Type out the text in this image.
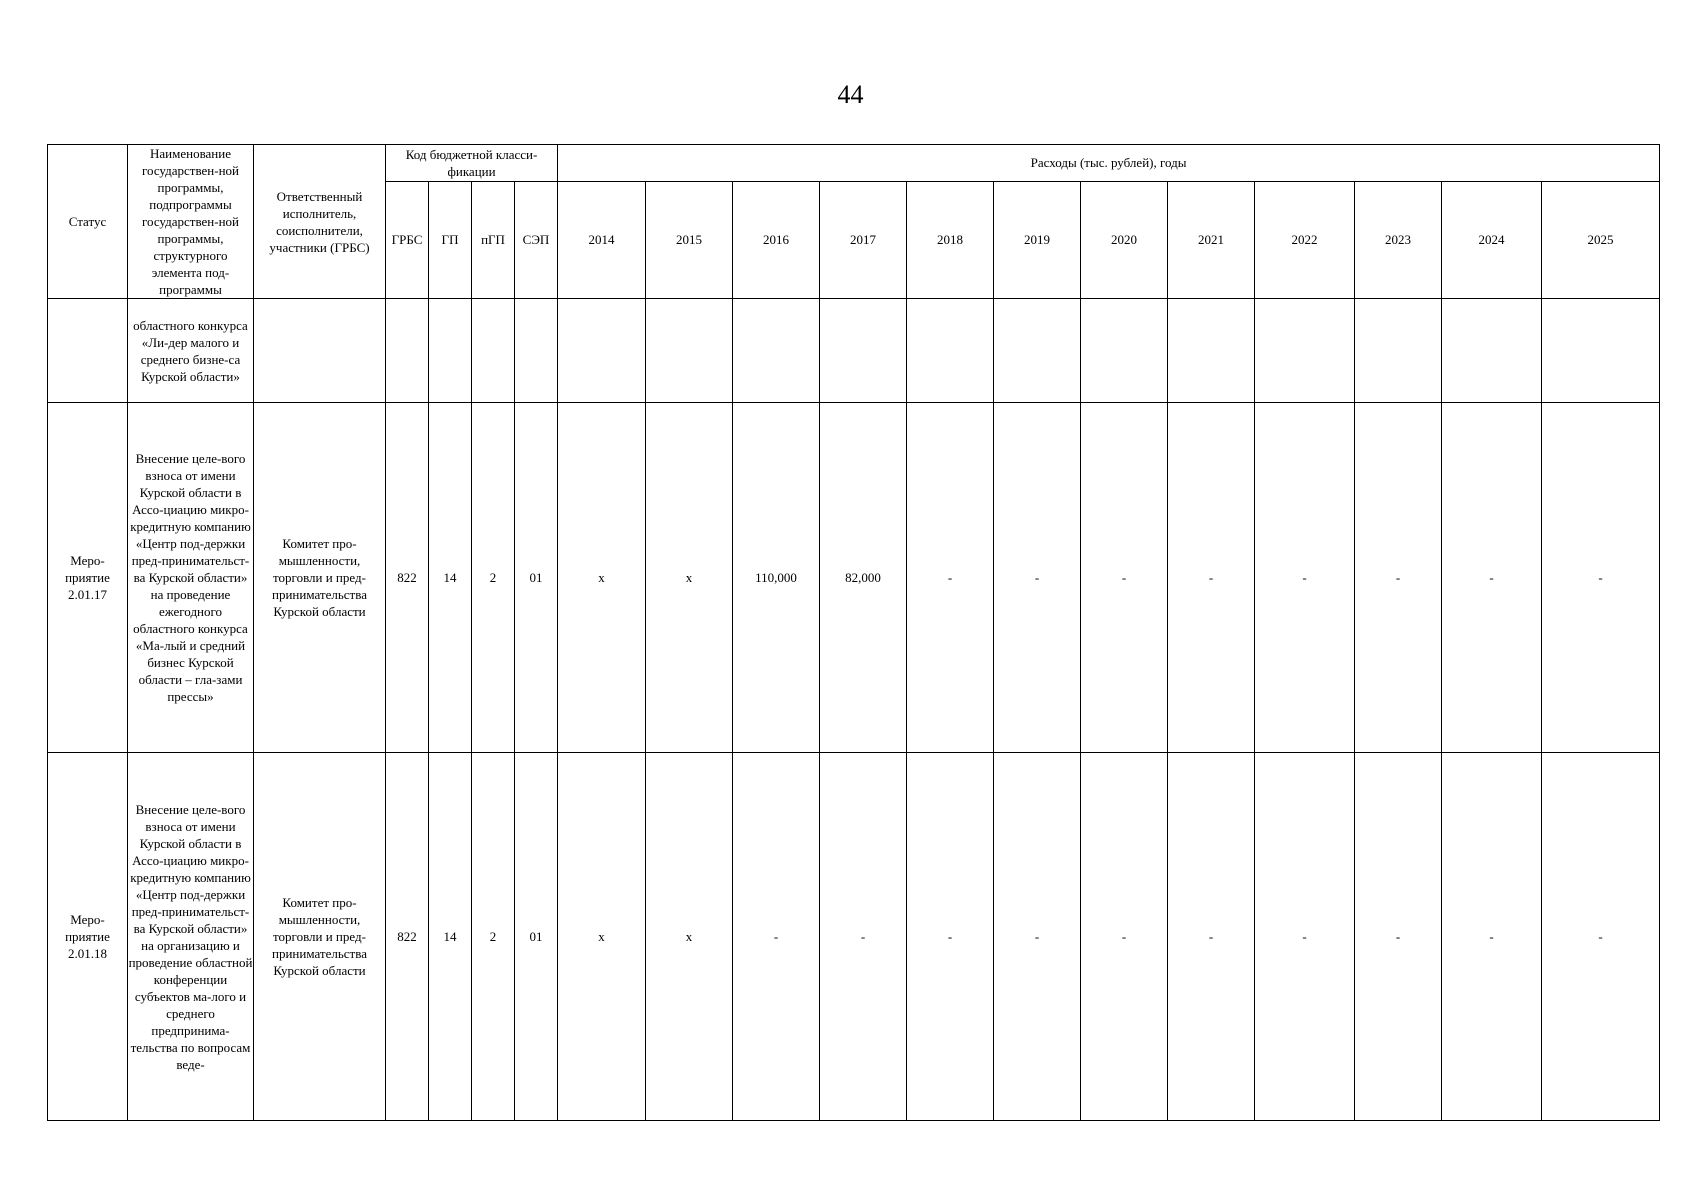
44
Статус	Наименование государствен-ной программы, подпрограммы государствен-ной программы, структурного элемента под-программы	Ответственный исполнитель, соисполнители, участники (ГРБС)	Код бюджетной класси-фикации				Расходы (тыс. рублей), годы											
			ГРБС	ГП	пГП	СЭП	2014	2015	2016	2017	2018	2019	2020	2021	2022	2023	2024	2025
	областного конкурса «Ли-дер малого и среднего бизне-са Курской области»																	
Меро-приятие 2.01.17	Внесение целе-вого взноса от имени Курской области в Ассо-циацию микро-кредитную компанию «Центр под-держки пред-принимательст-ва Курской области» на проведение ежегодного областного конкурса «Ма-лый и средний бизнес Курской области – гла-зами прессы»	Комитет про-мышленности, торговли и пред-принимательства Курской области	822	14	2	01	х	х	110,000	82,000	-	-	-	-	-	-	-	-
Меро-приятие 2.01.18	Внесение целе-вого взноса от имени Курской области в Ассо-циацию микро-кредитную компанию «Центр под-держки пред-принимательст-ва Курской области» на организацию и проведение областной конференции субъектов ма-лого и среднего предпринима-тельства по вопросам веде-	Комитет про-мышленности, торговли и пред-принимательства Курской области	822	14	2	01	х	х	-	-	-	-	-	-	-	-	-	-
